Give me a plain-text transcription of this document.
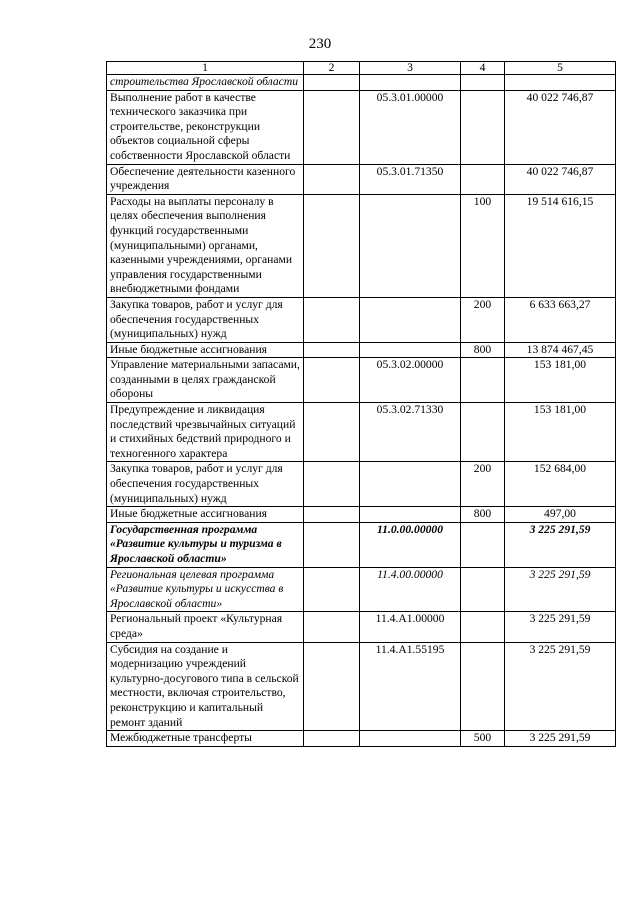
230
1	2	3	4	5
строительства Ярославской области				
Выполнение работ в качестве технического заказчика при строительстве, реконструкции объектов социальной сферы собственности Ярославской области		05.3.01.00000		40 022 746,87
Обеспечение деятельности казенного учреждения		05.3.01.71350		40 022 746,87
Расходы на выплаты персоналу в целях обеспечения выполнения функций государственными (муниципальными) органами, казенными учреждениями, органами управления государственными внебюджетными фондами			100	19 514 616,15
Закупка товаров, работ и услуг для обеспечения государственных (муниципальных) нужд			200	6 633 663,27
Иные бюджетные ассигнования			800	13 874 467,45
Управление материальными запасами, созданными в целях гражданской обороны		05.3.02.00000		153 181,00
Предупреждение и ликвидация последствий чрезвычайных ситуаций и стихийных бедствий природного и техногенного характера		05.3.02.71330		153 181,00
Закупка товаров, работ и услуг для обеспечения государственных (муниципальных) нужд			200	152 684,00
Иные бюджетные ассигнования			800	497,00
Государственная программа «Развитие культуры и туризма в Ярославской области»		11.0.00.00000		3 225 291,59
Региональная целевая программа «Развитие культуры и искусства в Ярославской области»		11.4.00.00000		3 225 291,59
Региональный проект «Культурная среда»		11.4.A1.00000		3 225 291,59
Субсидия на создание и модернизацию учреждений культурно-досугового типа в сельской местности, включая строительство, реконструкцию и капитальный ремонт зданий		11.4.A1.55195		3 225 291,59
Межбюджетные трансферты			500	3 225 291,59
